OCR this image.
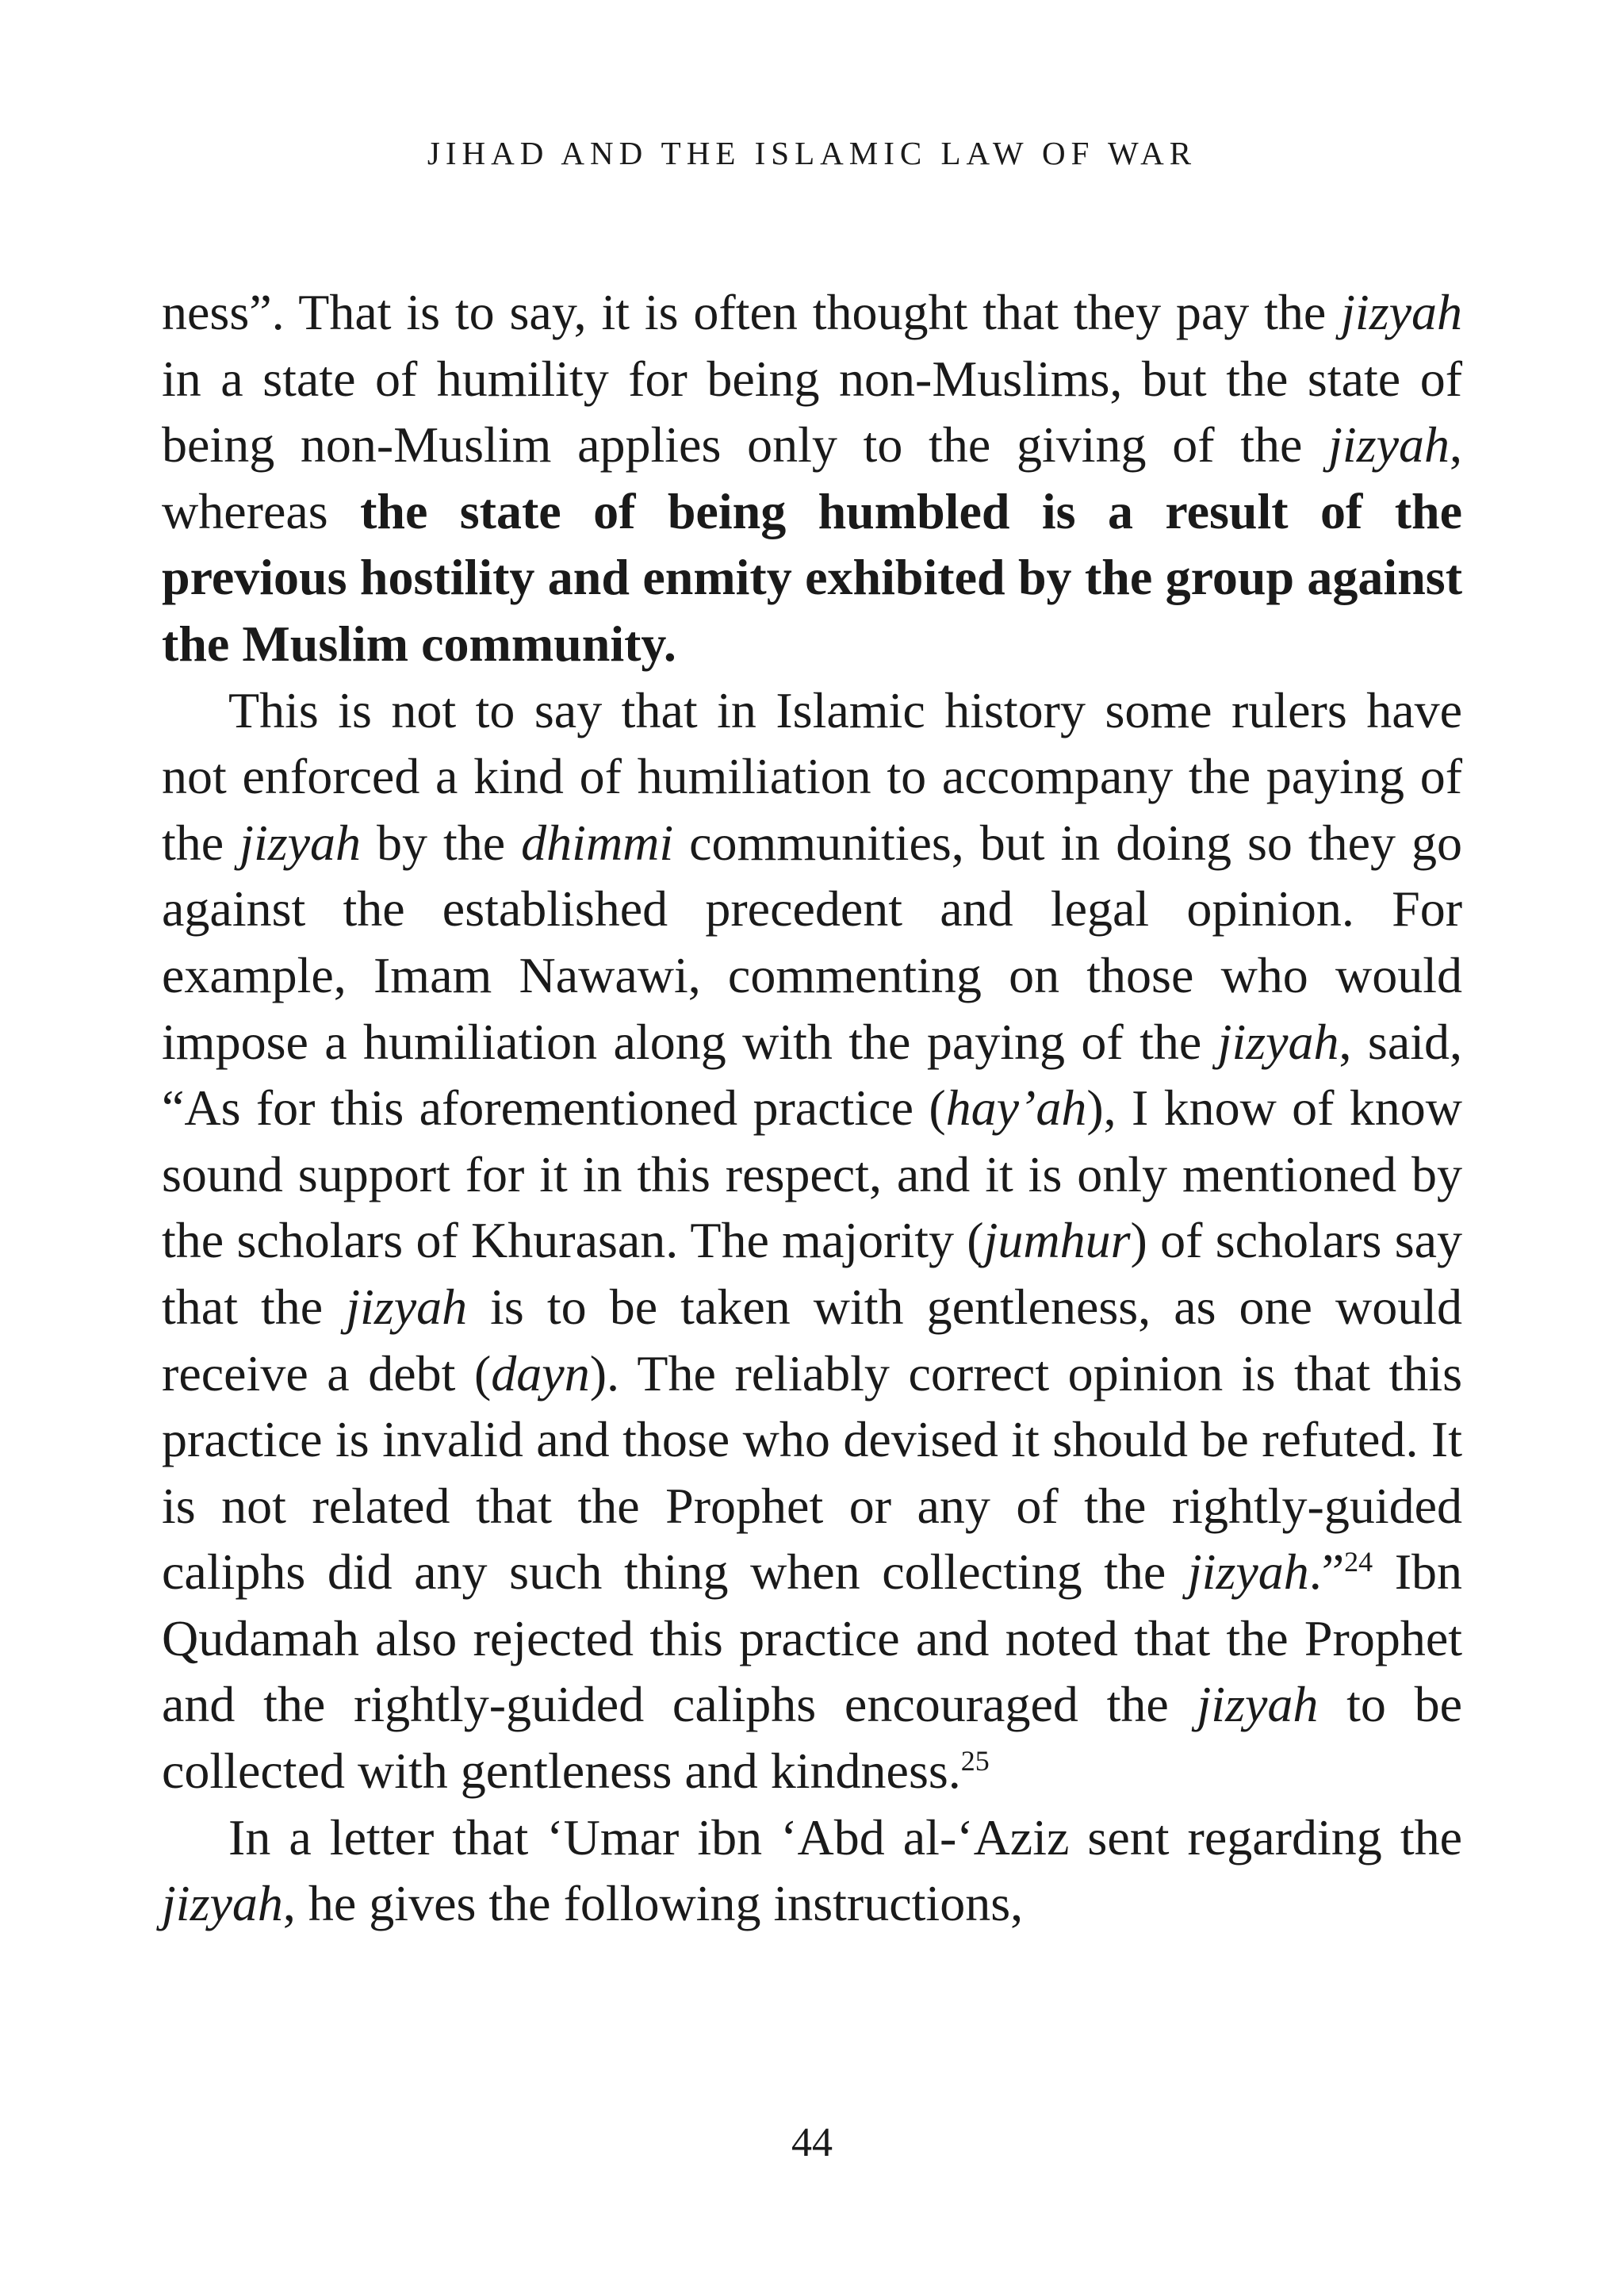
JIHAD AND THE ISLAMIC LAW OF WAR

ness”. That is to say, it is often thought that they pay the jizyah in a state of humility for being non-Muslims, but the state of being non-Muslim applies only to the giving of the jizyah, whereas the state of being humbled is a result of the previous hostility and enmity exhibited by the group against the Muslim community.

This is not to say that in Islamic history some rulers have not enforced a kind of humiliation to accompany the paying of the jizyah by the dhimmi communities, but in doing so they go against the established precedent and legal opinion. For example, Imam Nawawi, commenting on those who would impose a humiliation along with the paying of the jizyah, said, “As for this aforementioned practice (hay’ah), I know of know sound support for it in this respect, and it is only mentioned by the scholars of Khurasan. The majority (jumhur) of scholars say that the jizyah is to be taken with gentleness, as one would receive a debt (dayn). The reliably correct opinion is that this practice is invalid and those who devised it should be refuted. It is not related that the Prophet or any of the rightly-guided caliphs did any such thing when collecting the jizyah.”$^{24}$ Ibn Qudamah also rejected this practice and noted that the Prophet and the rightly-guided caliphs encouraged the jizyah to be collected with gentleness and kindness.$^{25}$

In a letter that ‘Umar ibn ‘Abd al-‘Aziz sent regarding the jizyah, he gives the following instructions,

44
